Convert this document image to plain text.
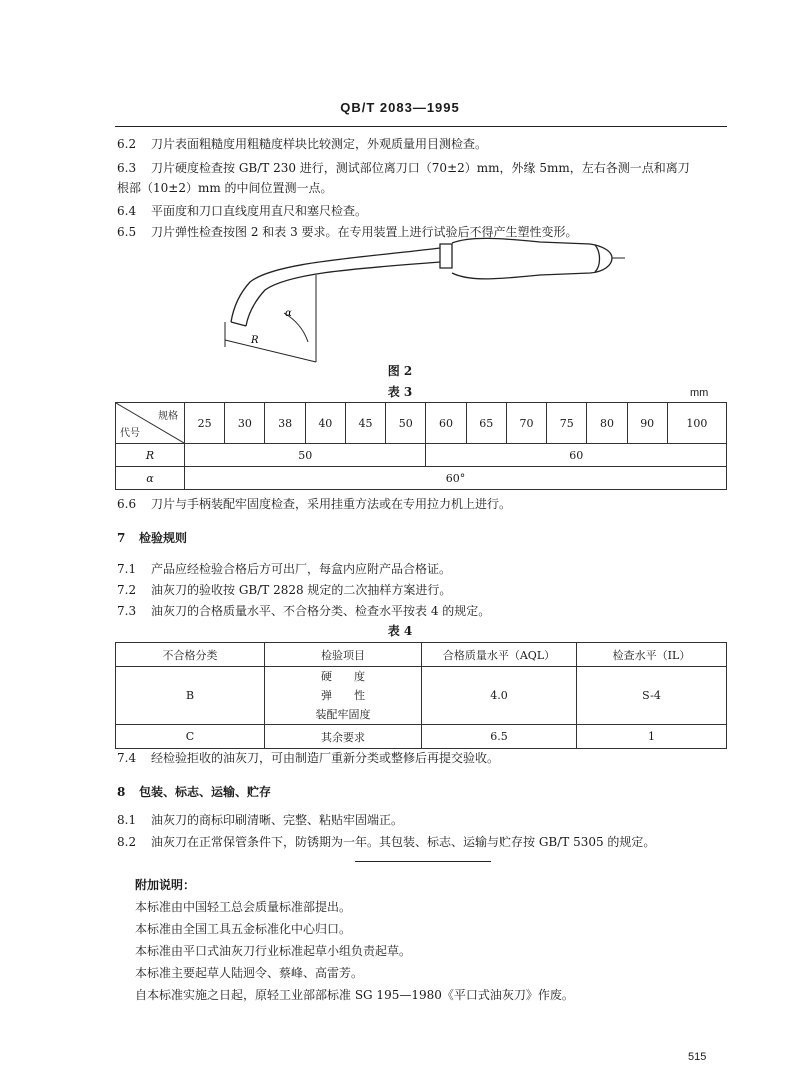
QB/T 2083—1995
6.2 刀片表面粗糙度用粗糙度样块比较测定，外观质量用目测检查。
6.3 刀片硬度检查按 GB/T 230 进行，测试部位离刀口（70±2）mm，外缘 5mm，左右各测一点和离刀
根部（10±2）mm 的中间位置测一点。
6.4 平面度和刀口直线度用直尺和塞尺检查。
6.5 刀片弹性检查按图 2 和表 3 要求。在专用装置上进行试验后不得产生塑性变形。
α
R
图 2
表 3	mm
规格
代号	25	30	38	40	45	50	60	65	70	75	80	90	100
R	50						60						
α	60°												
6.6 刀片与手柄装配牢固度检查，采用挂重方法或在专用拉力机上进行。
7 检验规则
7.1 产品应经检验合格后方可出厂，每盒内应附产品合格证。
7.2 油灰刀的验收按 GB/T 2828 规定的二次抽样方案进行。
7.3 油灰刀的合格质量水平、不合格分类、检查水平按表 4 的规定。
表 4
不合格分类	检验项目	合格质量水平（AQL）	检查水平（IL）
B	硬　　度
弹　　性
装配牢固度	4.0	S-4
C	其余要求	6.5	1
7.4 经检验拒收的油灰刀，可由制造厂重新分类或整修后再提交验收。
8 包装、标志、运输、贮存
8.1 油灰刀的商标印刷清晰、完整、粘贴牢固端正。
8.2 油灰刀在正常保管条件下，防锈期为一年。其包装、标志、运输与贮存按 GB/T 5305 的规定。
附加说明：
本标准由中国轻工总会质量标准部提出。
本标准由全国工具五金标准化中心归口。
本标准由平口式油灰刀行业标准起草小组负责起草。
本标准主要起草人陆迥令、蔡峰、高雷芳。
自本标准实施之日起，原轻工业部部标准 SG 195—1980《平口式油灰刀》作废。
515
